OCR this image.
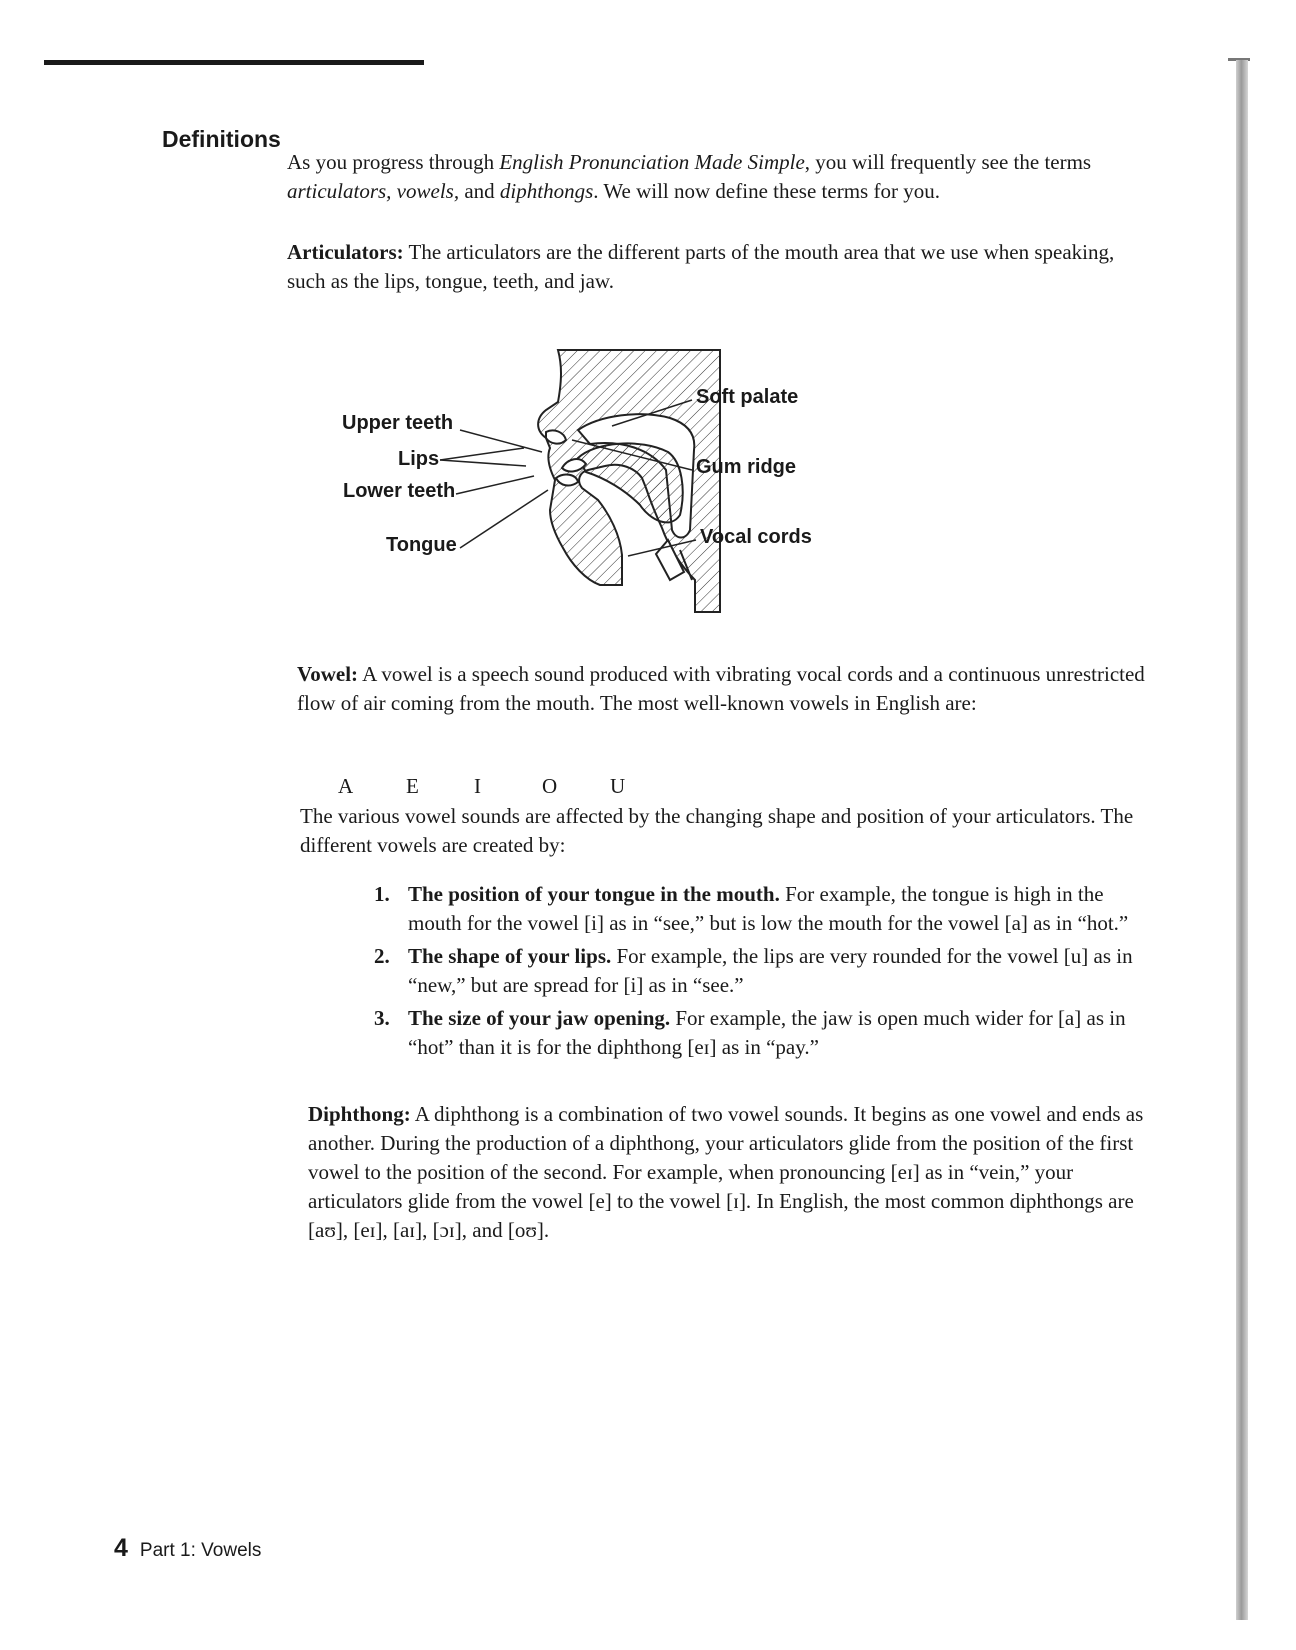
Definitions

As you progress through English Pronunciation Made Simple, you will frequently see the terms articulators, vowels, and diphthongs. We will now define these terms for you.

Articulators: The articulators are the different parts of the mouth area that we use when speaking, such as the lips, tongue, teeth, and jaw.

Upper teeth

Lips

Lower teeth

Tongue

Soft palate

Gum ridge

Vocal cords

Vowel: A vowel is a speech sound produced with vibrating vocal cords and a continuous unrestricted flow of air coming from the mouth. The most well-known vowels in English are:

A	E	I	O	U

The various vowel sounds are affected by the changing shape and position of your articulators. The different vowels are created by:

1. The position of your tongue in the mouth. For example, the tongue is high in the mouth for the vowel [i] as in “see,” but is low the mouth for the vowel [a] as in “hot.”
2. The shape of your lips. For example, the lips are very rounded for the vowel [u] as in “new,” but are spread for [i] as in “see.”
3. The size of your jaw opening. For example, the jaw is open much wider for [a] as in “hot” than it is for the diphthong [eɪ] as in “pay.”

Diphthong: A diphthong is a combination of two vowel sounds. It begins as one vowel and ends as another. During the production of a diphthong, your articulators glide from the position of the first vowel to the position of the second. For example, when pronouncing [eɪ] as in “vein,” your articulators glide from the vowel [e] to the vowel [ɪ]. In English, the most common diphthongs are [aʊ], [eɪ], [aɪ], [ɔɪ], and [oʊ].

4 Part 1: Vowels
